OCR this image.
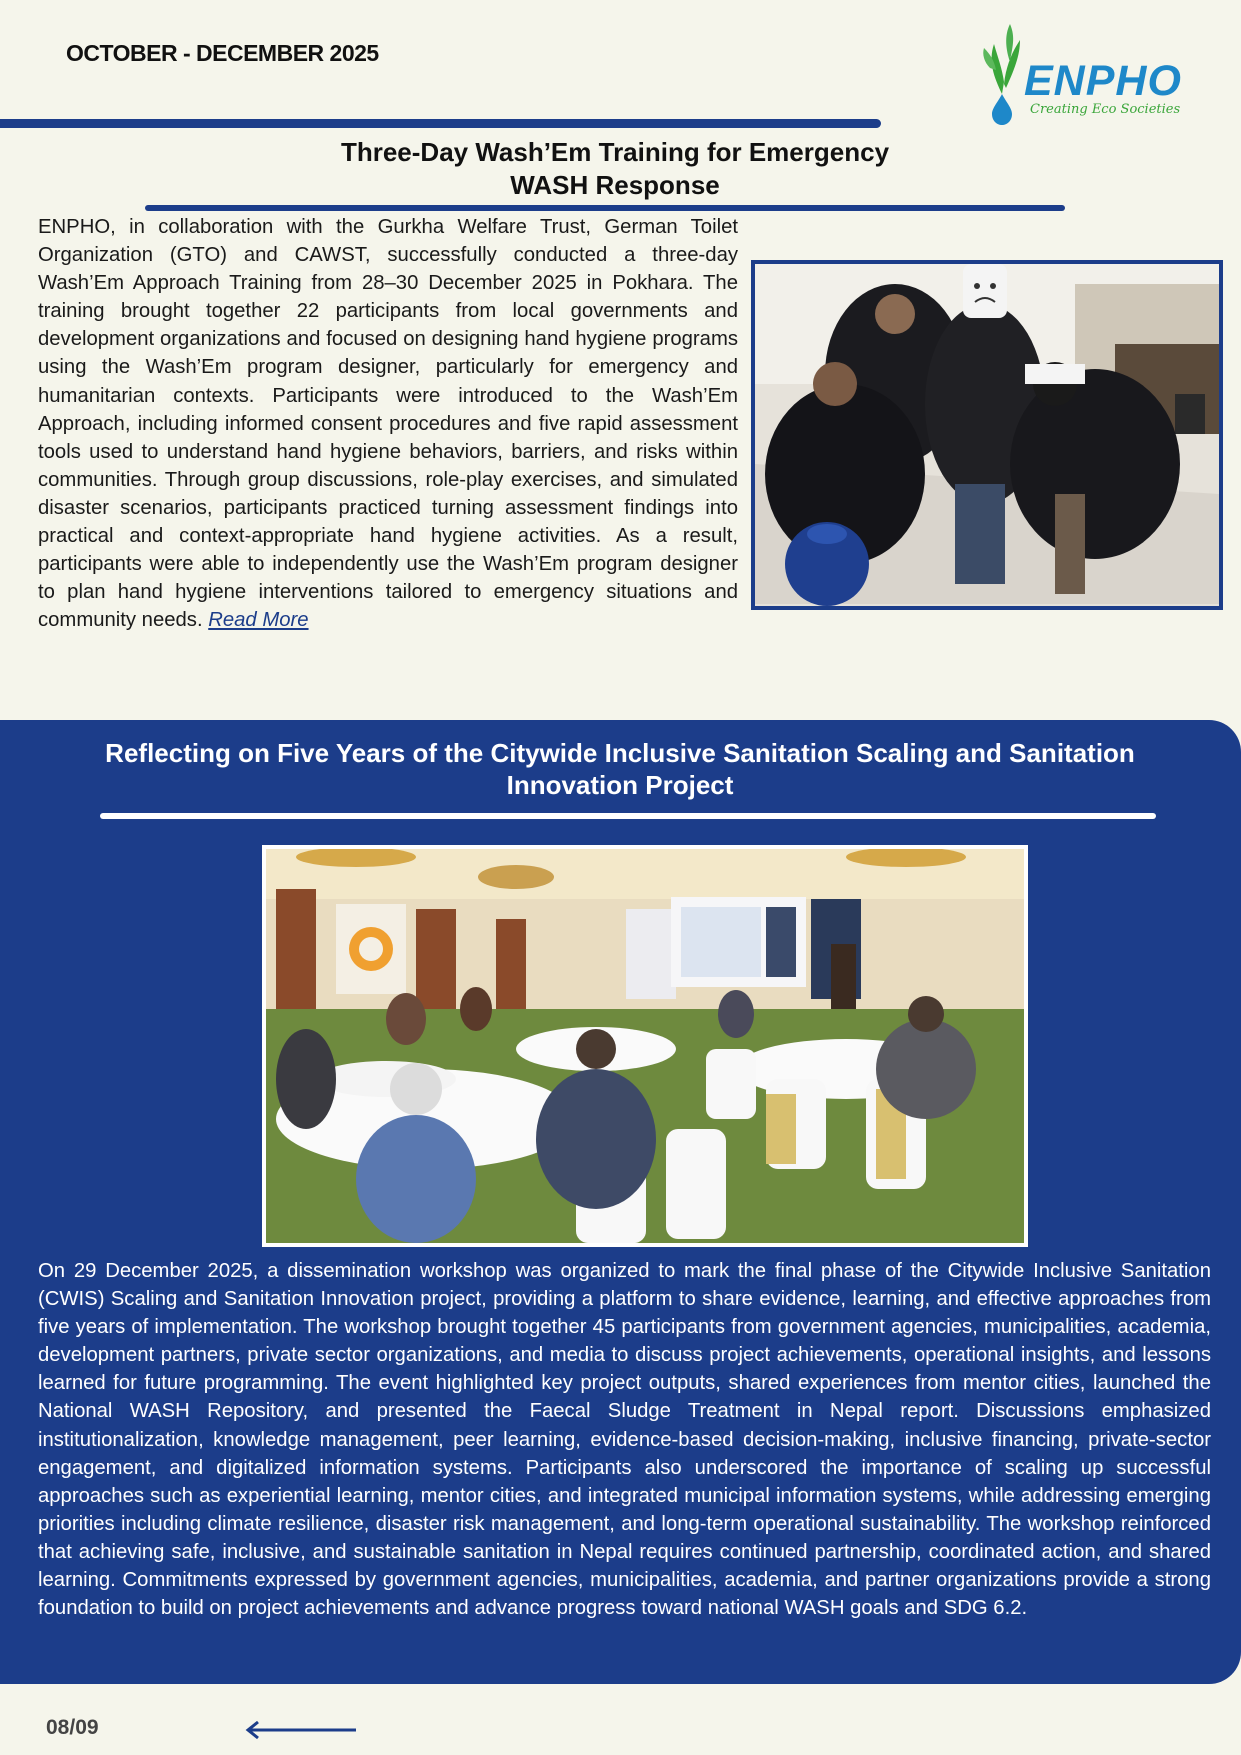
OCTOBER - DECEMBER 2025
ENPHO
Creating Eco Societies
Three-Day Wash’Em Training for Emergency
WASH Response
ENPHO, in collaboration with the Gurkha Welfare Trust, German Toilet Organization (GTO) and CAWST, successfully conducted a three-day Wash’Em Approach Training from 28–30 December 2025 in Pokhara. The training brought together 22 participants from local governments and development organizations and focused on designing hand hygiene programs using the Wash’Em program designer, particularly for emergency and humanitarian contexts. Participants were introduced to the Wash’Em Approach, including informed consent procedures and five rapid assessment tools used to understand hand hygiene behaviors, barriers, and risks within communities. Through group discussions, role-play exercises, and simulated disaster scenarios, participants practiced turning assessment findings into practical and context-appropriate hand hygiene activities. As a result, participants were able to independently use the Wash’Em program designer to plan hand hygiene interventions tailored to emergency situations and community needs. Read More
Reflecting on Five Years of the Citywide Inclusive Sanitation Scaling and Sanitation
Innovation Project
On 29 December 2025, a dissemination workshop was organized to mark the final phase of the Citywide Inclusive Sanitation (CWIS) Scaling and Sanitation Innovation project, providing a platform to share evidence, learning, and effective approaches from five years of implementation. The workshop brought together 45 participants from government agencies, municipalities, academia, development partners, private sector organizations, and media to discuss project achievements, operational insights, and lessons learned for future programming. The event highlighted key project outputs, shared experiences from mentor cities, launched the National WASH Repository, and presented the Faecal Sludge Treatment in Nepal report. Discussions emphasized institutionalization, knowledge management, peer learning, evidence-based decision-making, inclusive financing, private-sector engagement, and digitalized information systems. Participants also underscored the importance of scaling up successful approaches such as experiential learning, mentor cities, and integrated municipal information systems, while addressing emerging priorities including climate resilience, disaster risk management, and long-term operational sustainability. The workshop reinforced that achieving safe, inclusive, and sustainable sanitation in Nepal requires continued partnership, coordinated action, and shared learning. Commitments expressed by government agencies, municipalities, academia, and partner organizations provide a strong foundation to build on project achievements and advance progress toward national WASH goals and SDG 6.2.
08/09
